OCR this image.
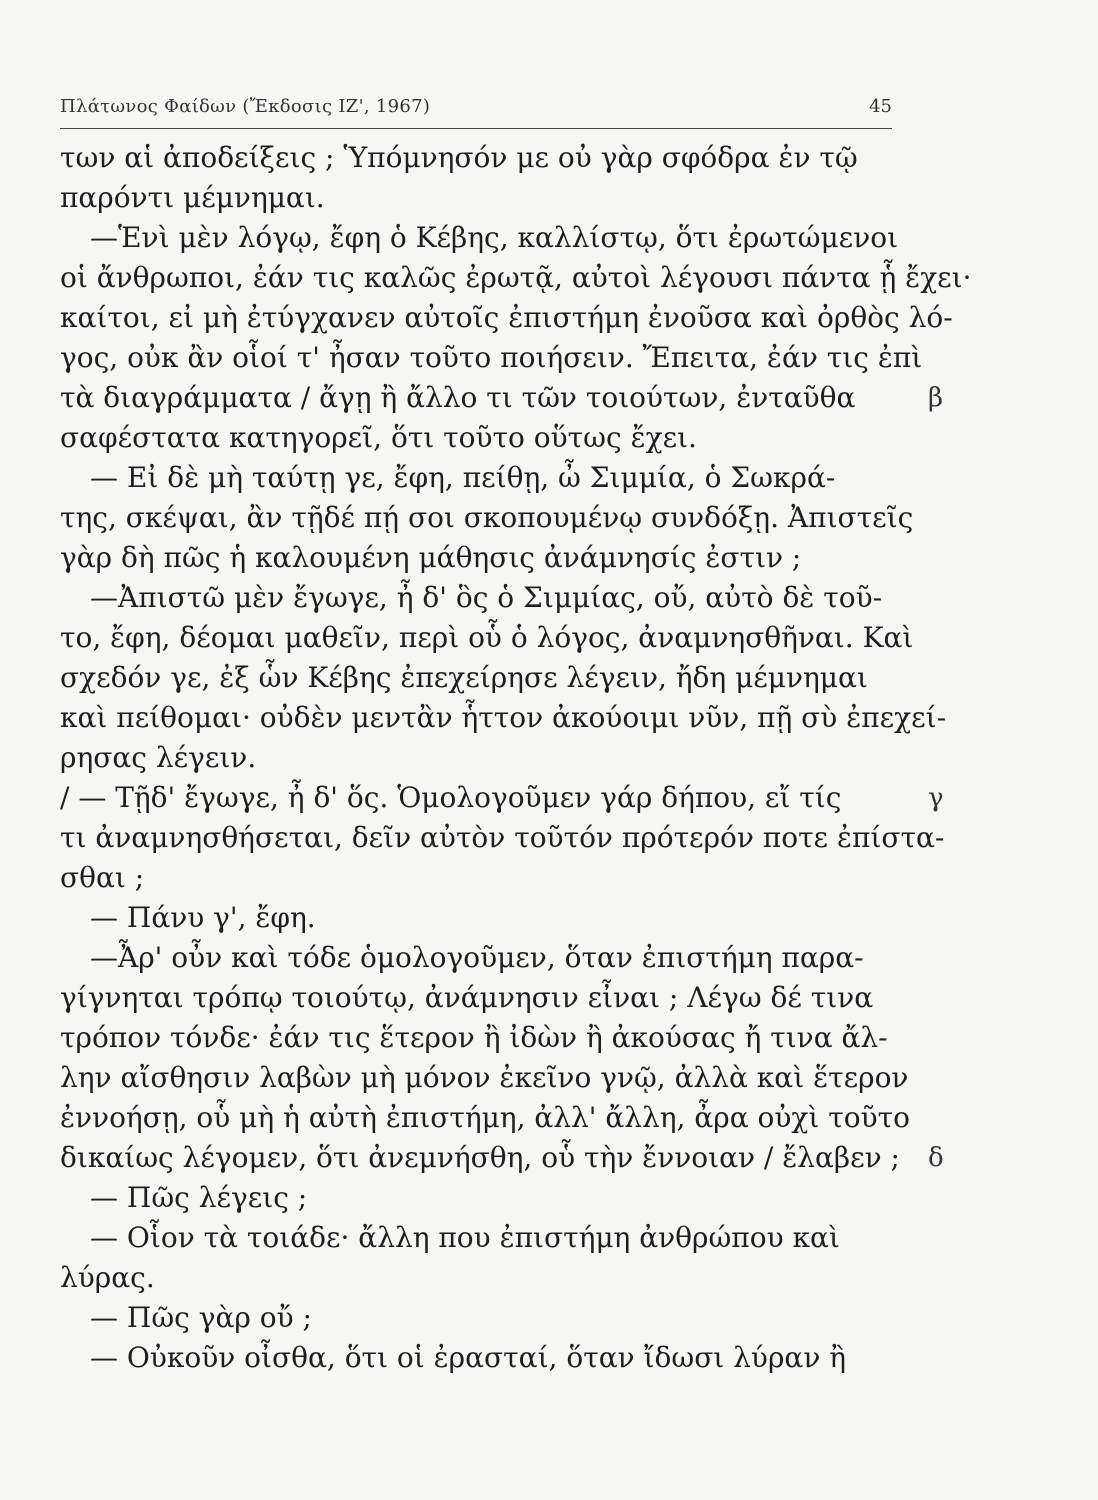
Πλάτωνος Φαίδων (Ἔκδοσις ΙΖ', 1967)	45
των αἱ ἀποδείξεις ; Ὑπόμνησόν με οὐ γὰρ σφόδρα ἐν τῷ
παρόντι μέμνημαι.
—Ἑνὶ μὲν λόγῳ, ἔφη ὁ Κέβης, καλλίστῳ, ὅτι ἐρωτώμενοι
οἱ ἄνθρωποι, ἐάν τις καλῶς ἐρωτᾷ, αὐτοὶ λέγουσι πάντα ᾗ ἔχει·
καίτοι, εἰ μὴ ἐτύγχανεν αὐτοῖς ἐπιστήμη ἐνοῦσα καὶ ὀρθὸς λό-
γος, οὐκ ἂν οἷοί τ' ἦσαν τοῦτο ποιήσειν. Ἔπειτα, ἐάν τις ἐπὶ
τὰ διαγράμματα / ἄγῃ ἢ ἄλλο τι τῶν τοιούτων, ἐνταῦθα	β
σαφέστατα κατηγορεῖ, ὅτι τοῦτο οὕτως ἔχει.
— Εἰ δὲ μὴ ταύτῃ γε, ἔφη, πείθῃ, ὦ Σιμμία, ὁ Σωκρά-
της, σκέψαι, ἂν τῇδέ πῄ σοι σκοπουμένῳ συνδόξῃ. Ἀπιστεῖς
γὰρ δὴ πῶς ἡ καλουμένη μάθησις ἀνάμνησίς ἐστιν ;
—Ἀπιστῶ μὲν ἔγωγε, ἦ δ' ὃς ὁ Σιμμίας, οὔ, αὐτὸ δὲ τοῦ-
το, ἔφη, δέομαι μαθεῖν, περὶ οὗ ὁ λόγος, ἀναμνησθῆναι. Καὶ
σχεδόν γε, ἐξ ὧν Κέβης ἐπεχείρησε λέγειν, ἤδη μέμνημαι
καὶ πείθομαι· οὐδὲν μεντἂν ἧττον ἀκούοιμι νῦν, πῇ σὺ ἐπεχεί-
ρησας λέγειν.
/ — Τῇδ' ἔγωγε, ἦ δ' ὅς. Ὁμολογοῦμεν γάρ δήπου, εἴ τίς	γ
τι ἀναμνησθήσεται, δεῖν αὐτὸν τοῦτόν πρότερόν ποτε ἐπίστα-
σθαι ;
— Πάνυ γ', ἔφη.
—Ἆρ' οὖν καὶ τόδε ὁμολογοῦμεν, ὅταν ἐπιστήμη παρα-
γίγνηται τρόπῳ τοιούτῳ, ἀνάμνησιν εἶναι ; Λέγω δέ τινα
τρόπον τόνδε· ἐάν τις ἕτερον ἢ ἰδὼν ἢ ἀκούσας ἤ τινα ἄλ-
λην αἴσθησιν λαβὼν μὴ μόνον ἐκεῖνο γνῷ, ἀλλὰ καὶ ἕτερον
ἐννοήσῃ, οὗ μὴ ἡ αὐτὴ ἐπιστήμη, ἀλλ' ἄλλη, ἆρα οὐχὶ τοῦτο
δικαίως λέγομεν, ὅτι ἀνεμνήσθη, οὗ τὴν ἔννοιαν / ἔλαβεν ; δ
— Πῶς λέγεις ;
— Οἷον τὰ τοιάδε· ἄλλη που ἐπιστήμη ἀνθρώπου καὶ
λύρας.
— Πῶς γὰρ οὔ ;
— Οὐκοῦν οἶσθα, ὅτι οἱ ἐρασταί, ὅταν ἴδωσι λύραν ἢ
